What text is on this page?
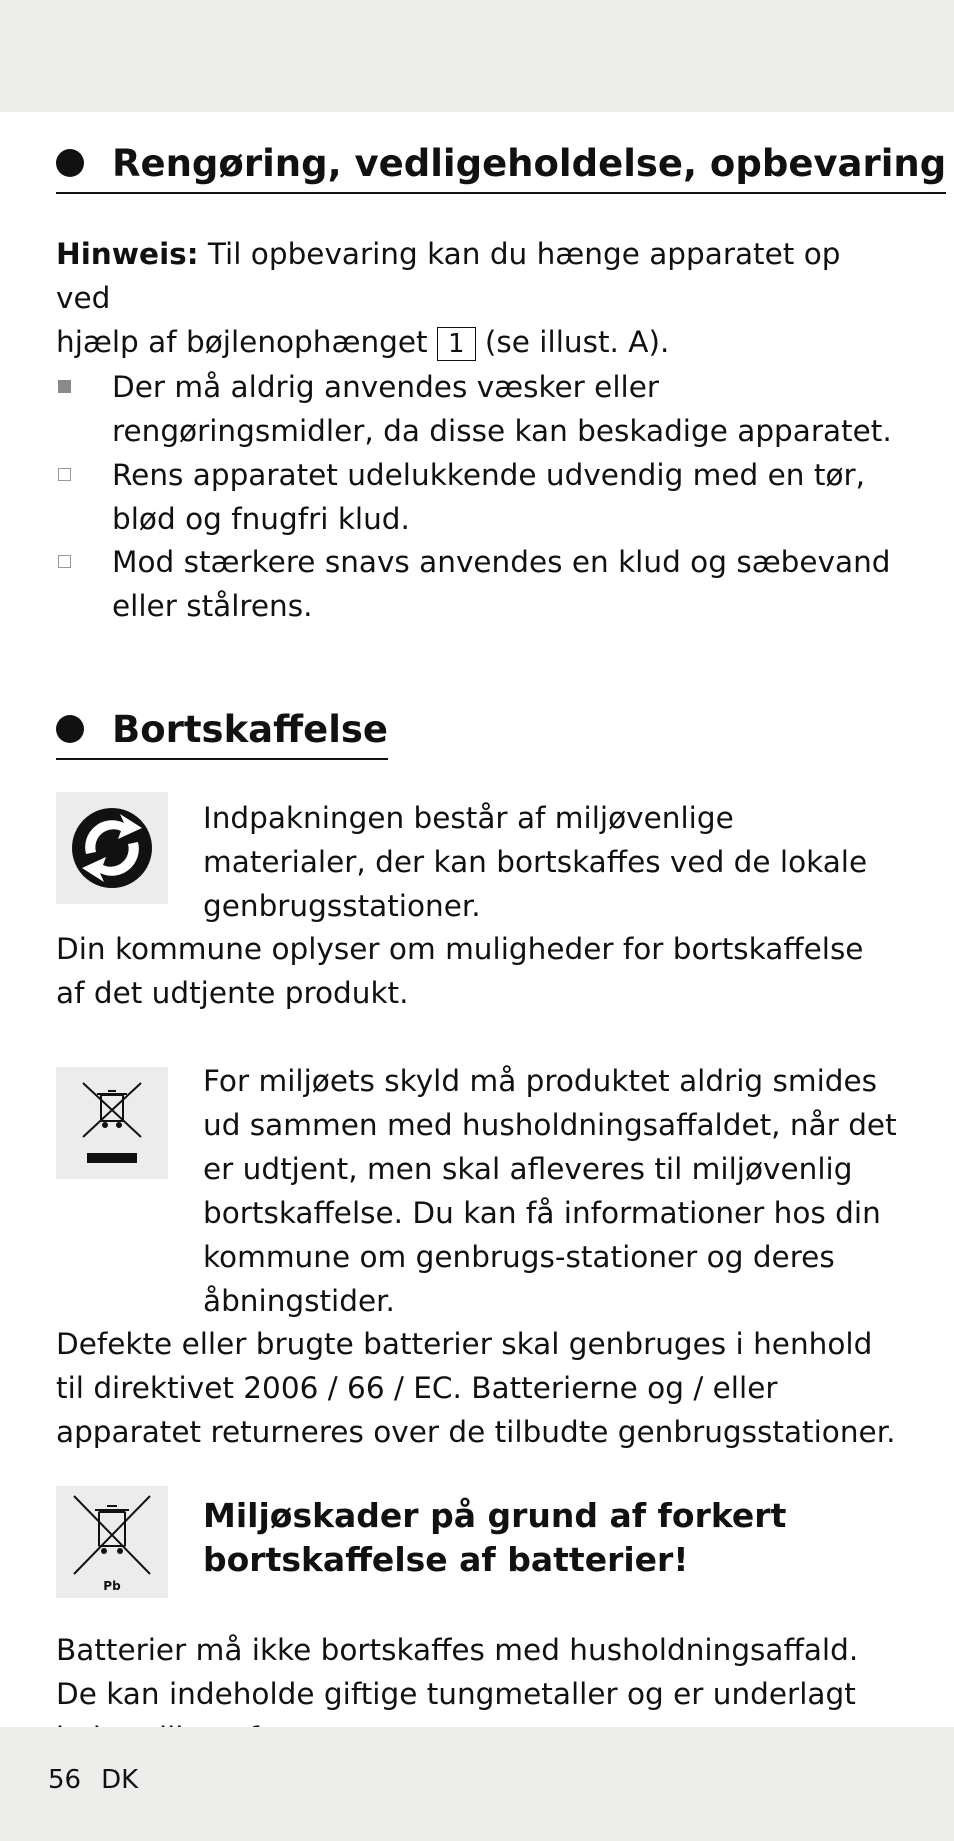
Rengøring, vedligeholdelse, opbevaring
Hinweis: Til opbevaring kan du hænge apparatet op ved
hjælp af bøjlenophænget 1 (se illust. A).
Der må aldrig anvendes væsker eller rengøringsmidler, da disse kan beskadige apparatet.
Rens apparatet udelukkende udvendig med en tør, blød og fnugfri klud.
Mod stærkere snavs anvendes en klud og sæbevand eller stålrens.
Bortskaffelse
Indpakningen består af miljøvenlige materialer, der kan bortskaffes ved de lokale genbrugsstationer.
Din kommune oplyser om muligheder for bortskaffelse af det udtjente produkt.
For miljøets skyld må produktet aldrig smides ud sammen med husholdningsaffaldet, når det er udtjent, men skal afleveres til miljøvenlig bortskaffelse. Du kan få informationer hos din kommune om genbrugs-stationer og deres åbningstider.
Defekte eller brugte batterier skal genbruges i henhold til direktivet 2006 / 66 / EC. Batterierne og / eller apparatet returneres over de tilbudte genbrugsstationer.
Pb
Miljøskader på grund af forkert bortskaffelse af batterier!
Batterier må ikke bortskaffes med husholdningsaffald. De kan indeholde giftige tungmetaller og er underlagt
56 DK
